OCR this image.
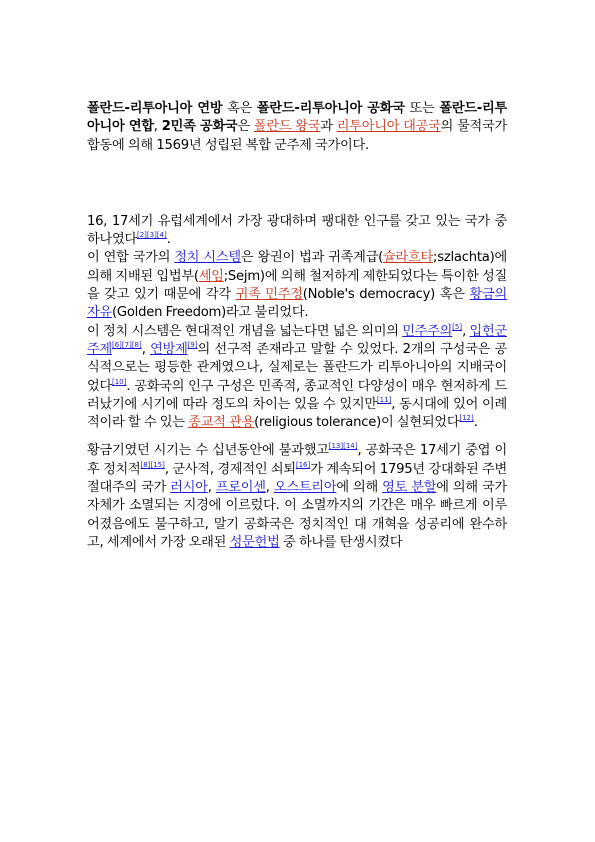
폴란드-리투아니아 연방 혹은 폴란드-리투아니아 공화국 또는 폴란드-리투아니아 연합, 2민족 공화국은 폴란드 왕국과 리투아니아 대공국의 물적국가 합동에 의해 1569년 성립된 복합 군주제 국가이다.

16, 17세기 유럽세계에서 가장 광대하며 팽대한 인구를 갖고 있는 국가 중 하나였다[2][3][4].

이 연합 국가의 정치 시스템은 왕권이 법과 귀족계급(슐라흐타;szlachta)에 의해 지배된 입법부(세임;Sejm)에 의해 철저하게 제한되었다는 특이한 성질을 갖고 있기 때문에 각각 귀족 민주정(Noble's democracy) 혹은 황금의 자유(Golden Freedom)라고 불리었다.

이 정치 시스템은 현대적인 개념을 넓는다면 넓은 의미의 민주주의[5], 입헌군주제[6][7][8], 연방제[9]의 선구적 존재라고 말할 수 있었다. 2개의 구성국은 공식적으로는 평등한 관계였으나, 실제로는 폴란드가 리투아니아의 지배국이었다[10]. 공화국의 인구 구성은 민족적, 종교적인 다양성이 매우 현저하게 드러났기에 시기에 따라 정도의 차이는 있을 수 있지만[11], 동시대에 있어 이례적이라 할 수 있는 종교적 관용(religious tolerance)이 실현되었다[12].

황금기였던 시기는 수 십년동안에 불과했고[13][14], 공화국은 17세기 중엽 이후 정치적[8][15], 군사적, 경제적인 쇠퇴[16]가 계속되어 1795년 강대화된 주변 절대주의 국가 러시아, 프로이센, 오스트리아에 의해 영토 분할에 의해 국가 자체가 소멸되는 지경에 이르렀다. 이 소멸까지의 기간은 매우 빠르게 이루어졌음에도 불구하고, 말기 공화국은 정치적인 대 개혁을 성공리에 완수하고, 세계에서 가장 오래된 성문헌법 중 하나를 탄생시켰다
